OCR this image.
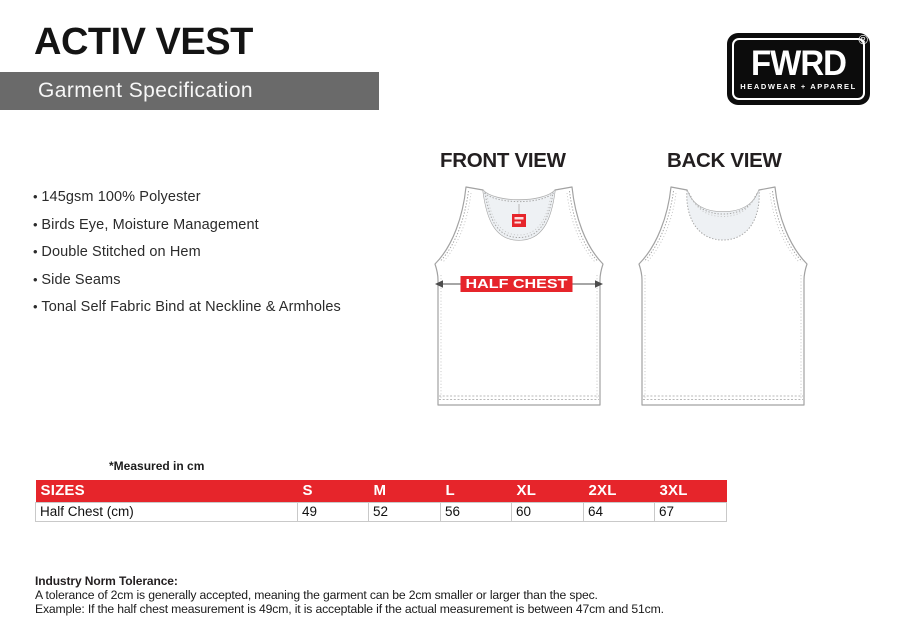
ACTIV VEST
Garment Specification
FWRD
HEADWEAR + APPAREL
®
• 145gsm 100% Polyester
• Birds Eye, Moisture Management
• Double Stitched on Hem
• Side Seams
• Tonal Self Fabric Bind at Neckline & Armholes
FRONT VIEW	BACK VIEW
HALF CHEST
*Measured in cm
SIZES	S	M	L	XL	2XL	3XL
Half Chest (cm)	49	52	56	60	64	67
Industry Norm Tolerance:
A tolerance of 2cm is generally accepted, meaning the garment can be 2cm smaller or larger than the spec.
Example: If the half chest measurement is 49cm, it is acceptable if the actual measurement is between 47cm and 51cm.
